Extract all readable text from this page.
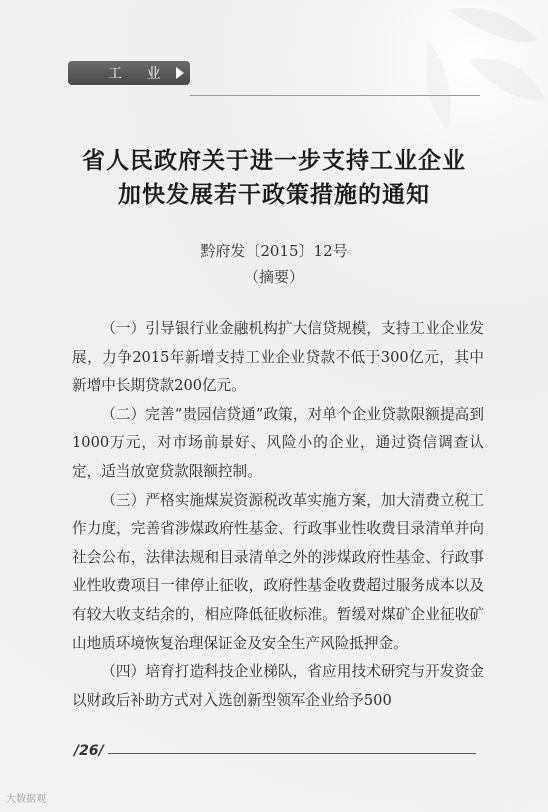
工 业
省人民政府关于进一步支持工业企业
加快发展若干政策措施的通知
黔府发〔2015〕12号
（摘要）

（一）引导银行业金融机构扩大信贷规模，支持工业企业发展，力争2015年新增支持工业企业贷款不低于300亿元，其中新增中长期贷款200亿元。

（二）完善“贵园信贷通”政策，对单个企业贷款限额提高到1000万元，对市场前景好、风险小的企业，通过资信调查认定，适当放宽贷款限额控制。

（三）严格实施煤炭资源税改革实施方案，加大清费立税工作力度，完善省涉煤政府性基金、行政事业性收费目录清单并向社会公布，法律法规和目录清单之外的涉煤政府性基金、行政事业性收费项目一律停止征收，政府性基金收费超过服务成本以及有较大收支结余的，相应降低征收标准。暂缓对煤矿企业征收矿山地质环境恢复治理保证金及安全生产风险抵押金。

（四）培育打造科技企业梯队，省应用技术研究与开发资金以财政后补助方式对入选创新型领军企业给予500

/26/
大数据观
